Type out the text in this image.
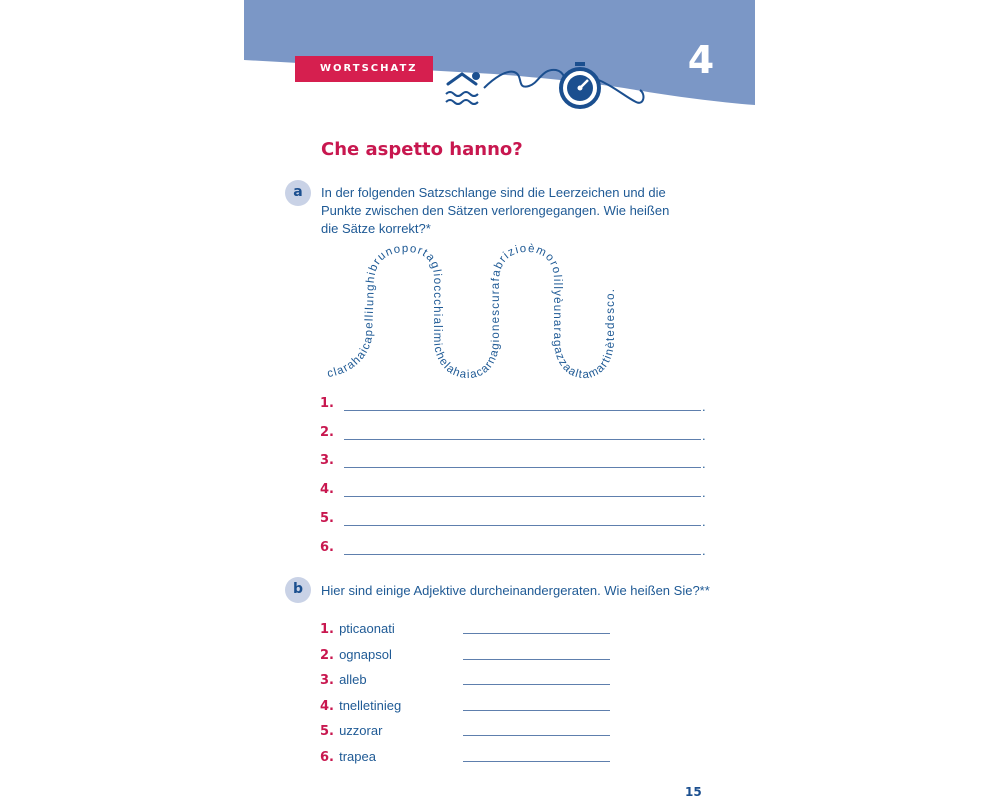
WORTSCHATZ	4
Che aspetto hanno?
a	In der folgenden Satzschlange sind die Leerzeichen und die
Punkte zwischen den Sätzen verlorengegangen. Wie heißen
die Sätze korrekt?*
clarahaicapellilunghibrunoportaglioccchialimichelahaiacarnagionescurafabrizioèmorolillyèunaragazzaaltamartinètedesco.
1.	.
2.	.
3.	.
4.	.
5.	.
6.	.
b	Hier sind einige Adjektive durcheinandergeraten. Wie heißen Sie?**
1. pticaonati
2. ognapsol
3. alleb
4. tnelletinieg
5. uzzorar
6. trapea
15
